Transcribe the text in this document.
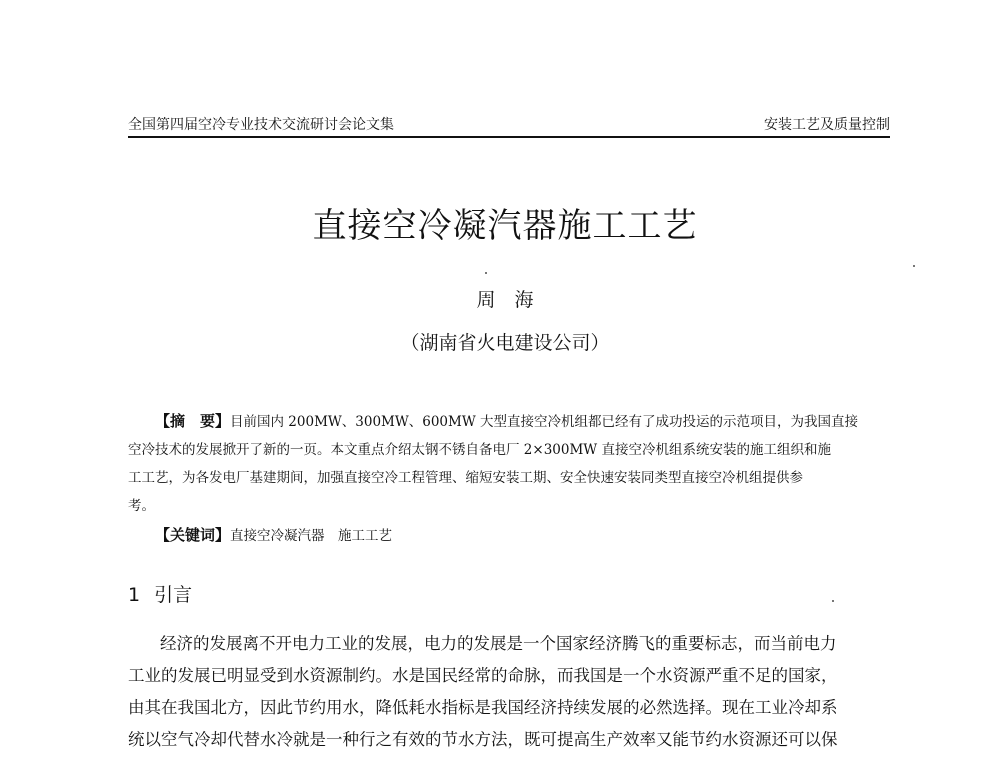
全国第四届空冷专业技术交流研讨会论文集	安装工艺及质量控制
直接空冷凝汽器施工工艺
周　海
（湖南省火电建设公司）
【摘　要】目前国内 200MW、300MW、600MW 大型直接空冷机组都已经有了成功投运的示范项目，为我国直接
空冷技术的发展掀开了新的一页。本文重点介绍太钢不锈自备电厂 2×300MW 直接空冷机组系统安装的施工组织和施
工工艺，为各发电厂基建期间，加强直接空冷工程管理、缩短安装工期、安全快速安装同类型直接空冷机组提供参
考。
【关键词】直接空冷凝汽器　施工工艺
1 引言
经济的发展离不开电力工业的发展，电力的发展是一个国家经济腾飞的重要标志，而当前电力
工业的发展已明显受到水资源制约。水是国民经常的命脉，而我国是一个水资源严重不足的国家，
由其在我国北方，因此节约用水，降低耗水指标是我国经济持续发展的必然选择。现在工业冷却系
统以空气冷却代替水冷就是一种行之有效的节水方法，既可提高生产效率又能节约水资源还可以保
